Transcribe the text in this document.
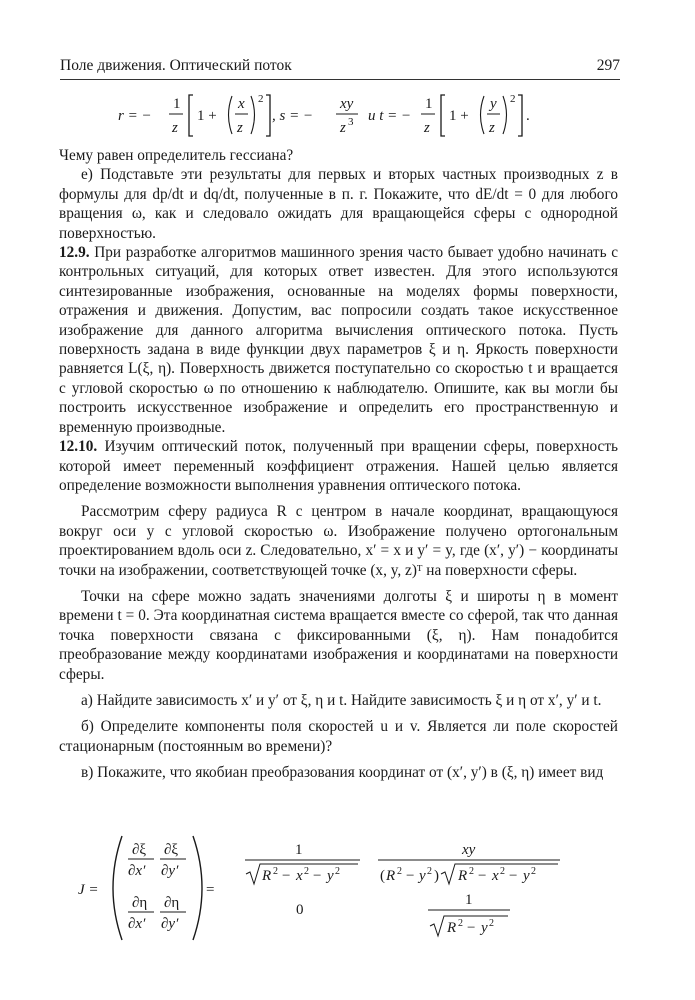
Поле движения. Оптический поток	297
r = −
1
z
1 +
x
z
2
, s = −
xy
z 3 и t = −
1
z
1 +
y
z
2
.

Чему равен определитель гессиана?

е) Подставьте эти результаты для первых и вторых частных производных z в формулы для dp/dt и dq/dt, полученные в п. г. Покажите, что dE/dt = 0 для любого вращения ω, как и следовало ожидать для вращающейся сферы с однородной поверхностью.

12.9. При разработке алгоритмов машинного зрения часто бывает удобно начинать с контрольных ситуаций, для которых ответ известен. Для этого используются синтезированные изображения, основанные на моделях формы поверхности, отражения и движения. Допустим, вас попросили создать такое искусственное изображение для данного алгоритма вычисления оптического потока. Пусть поверхность задана в виде функции двух параметров ξ и η. Яркость поверхности равняется L(ξ, η). Поверхность движется поступательно со скоростью t и вращается с угловой скоростью ω по отношению к наблюдателю. Опишите, как вы могли бы построить искусственное изображение и определить его пространственную и временную производные.

12.10. Изучим оптический поток, полученный при вращении сферы, поверхность которой имеет переменный коэффициент отражения. Нашей целью является определение возможности выполнения уравнения оптического потока.

Рассмотрим сферу радиуса R с центром в начале координат, вращающуюся вокруг оси y с угловой скоростью ω. Изображение получено ортогональным проектированием вдоль оси z. Следовательно, x′ = x и y′ = y, где (x′, y′) − координаты точки на изображении, соответствующей точке (x, y, z)ᵀ на поверхности сферы.

Точки на сфере можно задать значениями долготы ξ и широты η в момент времени t = 0. Эта координатная система вращается вместе со сферой, так что данная точка поверхности связана с фиксированными (ξ, η). Нам понадобится преобразование между координатами изображения и координатами на поверхности сферы.

а) Найдите зависимость x′ и y′ от ξ, η и t. Найдите зависимость ξ и η от x′, y′ и t.

б) Определите компоненты поля скоростей u и v. Является ли поле скоростей стационарным (постоянным во времени)?

в) Покажите, что якобиан преобразования координат от (x′, y′) в (ξ, η) имеет вид

J =
∂ξ
∂x′
∂ξ
∂y′
∂η
∂x′
∂η
∂y′
=
1
R 2 − x 2 − y 2
xy
( R 2 − y 2 ) R 2 − x 2 − y 2
0
1
R 2 − y 2
